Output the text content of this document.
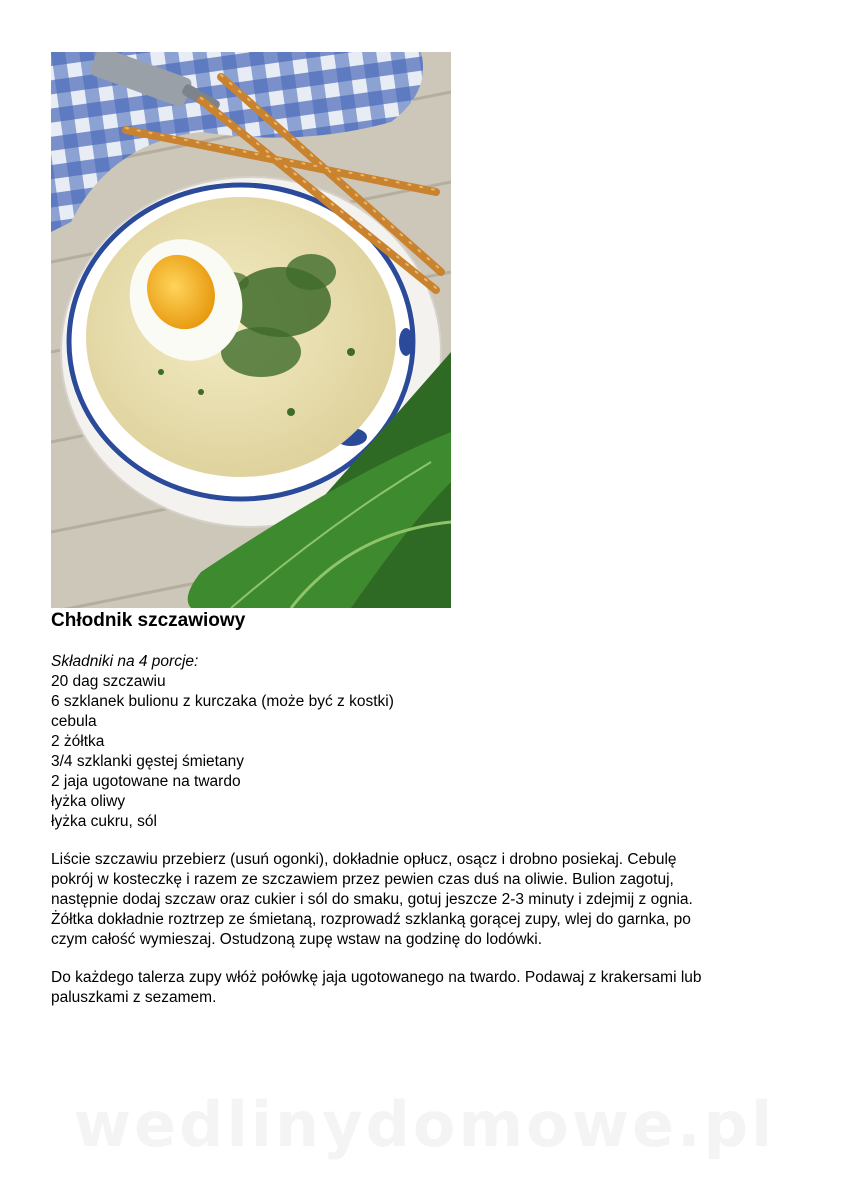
Chłodnik szczawiowy
Składniki na 4 porcje:
20 dag szczawiu
6 szklanek bulionu z kurczaka (może być z kostki)
cebula
2 żółtka
3/4 szklanki gęstej śmietany
2 jaja ugotowane na twardo
łyżka oliwy
łyżka cukru, sól
Liście szczawiu przebierz (usuń ogonki), dokładnie opłucz, osącz i drobno posiekaj. Cebulę
pokrój w kosteczkę i razem ze szczawiem przez pewien czas duś na oliwie. Bulion zagotuj,
następnie dodaj szczaw oraz cukier i sól do smaku, gotuj jeszcze 2-3 minuty i zdejmij z ognia.
Żółtka dokładnie roztrzep ze śmietaną, rozprowadź szklanką gorącej zupy, wlej do garnka, po
czym całość wymieszaj. Ostudzoną zupę wstaw na godzinę do lodówki.
Do każdego talerza zupy włóż połówkę jaja ugotowanego na twardo. Podawaj z krakersami lub
paluszkami z sezamem.
wedlinydomowe.pl
